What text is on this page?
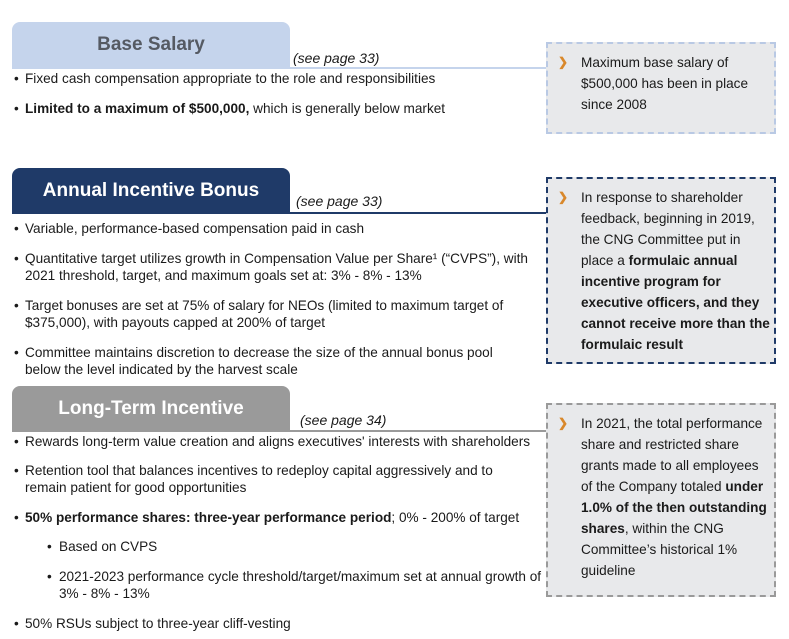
Base Salary
(see page 33)
• Fixed cash compensation appropriate to the role and responsibilities
• Limited to a maximum of $500,000, which is generally below market
❯ Maximum base salary of $500,000 has been in place since 2008
Annual Incentive Bonus	(see page 33)
• Variable, performance-based compensation paid in cash
• Quantitative target utilizes growth in Compensation Value per Share¹ (“CVPS”), with 2021 threshold, target, and maximum goals set at: 3% - 8% - 13%
• Target bonuses are set at 75% of salary for NEOs (limited to maximum target of $375,000), with payouts capped at 200% of target
• Committee maintains discretion to decrease the size of the annual bonus pool below the level indicated by the harvest scale
❯ In response to shareholder feedback, beginning in 2019, the CNG Committee put in place a formulaic annual incentive program for executive officers, and they cannot receive more than the formulaic result
Long-Term Incentive
(see page 34)
• Rewards long-term value creation and aligns executives' interests with shareholders
• Retention tool that balances incentives to redeploy capital aggressively and to remain patient for good opportunities
• 50% performance shares: three-year performance period; 0% - 200% of target
• Based on CVPS
• 2021-2023 performance cycle threshold/target/maximum set at annual growth of 3% - 8% - 13%
• 50% RSUs subject to three-year cliff-vesting
❯ In 2021, the total performance share and restricted share grants made to all employees of the Company totaled under 1.0% of the then outstanding shares, within the CNG Committee’s historical 1% guideline
